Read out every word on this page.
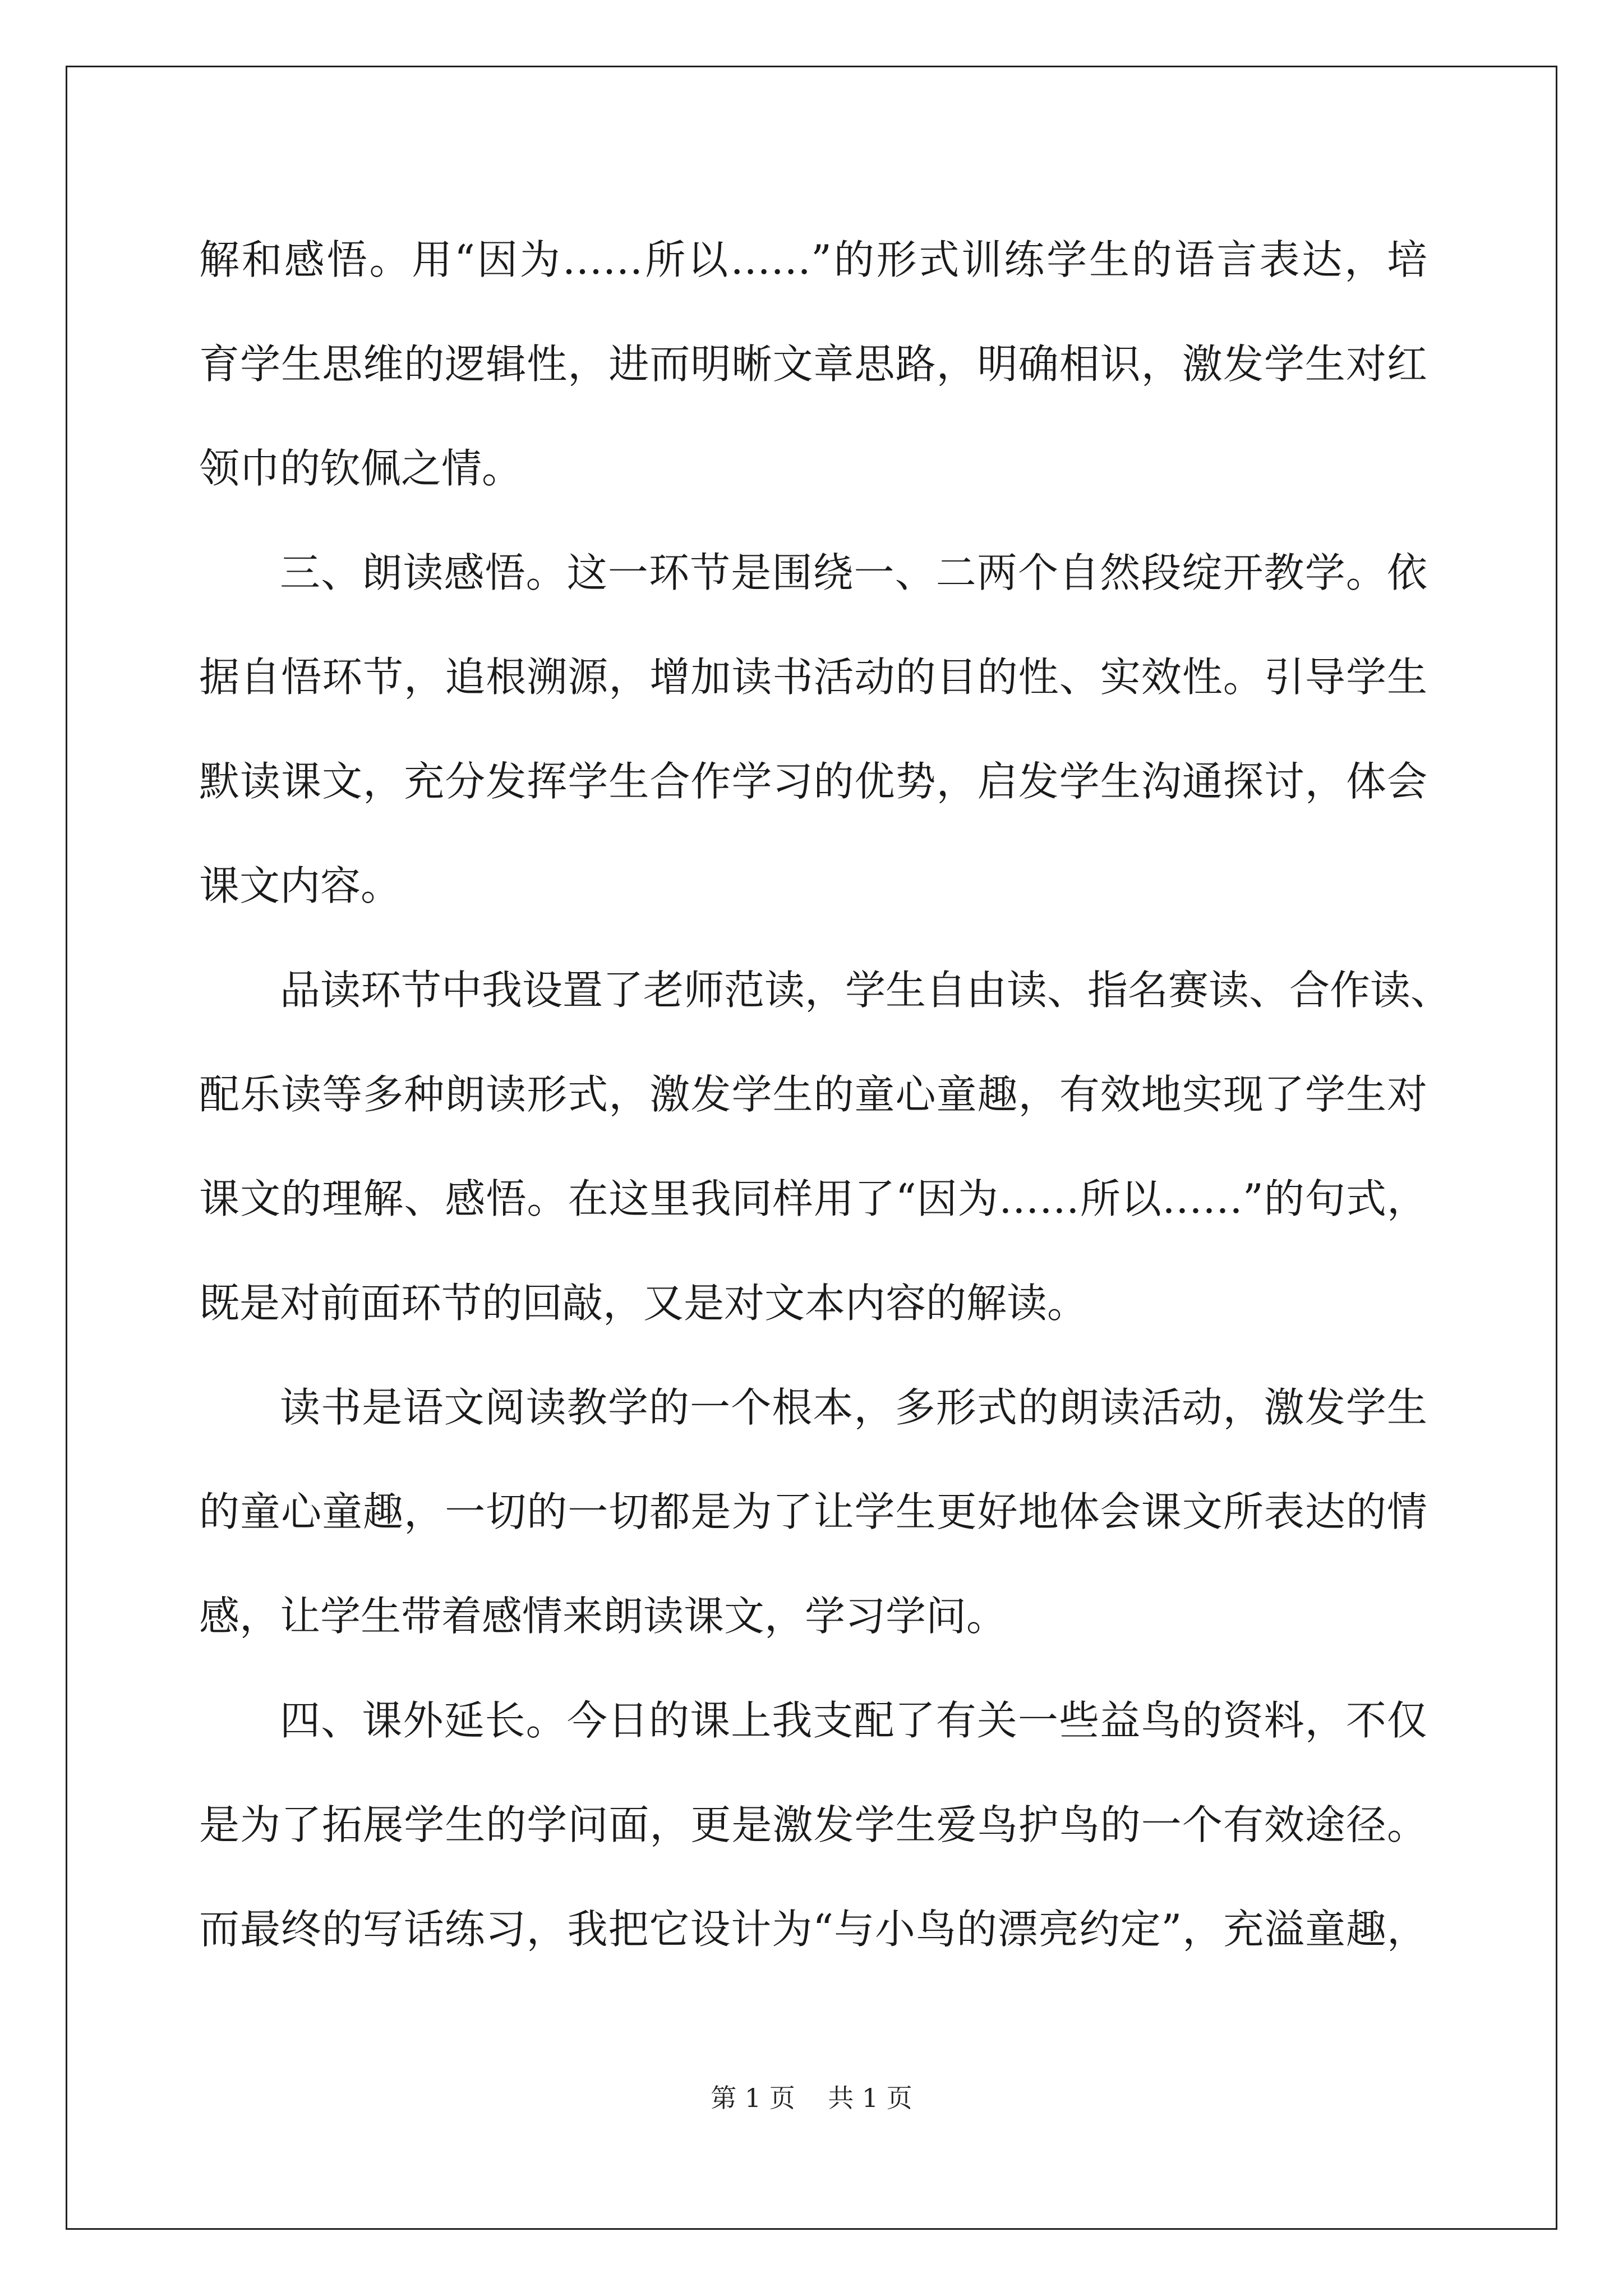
解和感悟。用“因为……所以……”的形式训练学生的语言表达，培
育学生思维的逻辑性，进而明晰文章思路，明确相识，激发学生对红
领巾的钦佩之情。
三、朗读感悟。这一环节是围绕一、二两个自然段绽开教学。依
据自悟环节，追根溯源，增加读书活动的目的性、实效性。引导学生
默读课文，充分发挥学生合作学习的优势，启发学生沟通探讨，体会
课文内容。
品读环节中我设置了老师范读，学生自由读、指名赛读、合作读、
配乐读等多种朗读形式，激发学生的童心童趣，有效地实现了学生对
课文的理解、感悟。在这里我同样用了“因为……所以……”的句式，
既是对前面环节的回敲，又是对文本内容的解读。
读书是语文阅读教学的一个根本，多形式的朗读活动，激发学生
的童心童趣，一切的一切都是为了让学生更好地体会课文所表达的情
感，让学生带着感情来朗读课文，学习学问。
四、课外延长。今日的课上我支配了有关一些益鸟的资料，不仅
是为了拓展学生的学问面，更是激发学生爱鸟护鸟的一个有效途径。
而最终的写话练习，我把它设计为“与小鸟的漂亮约定”，充溢童趣，
第 1 页    共 1 页
